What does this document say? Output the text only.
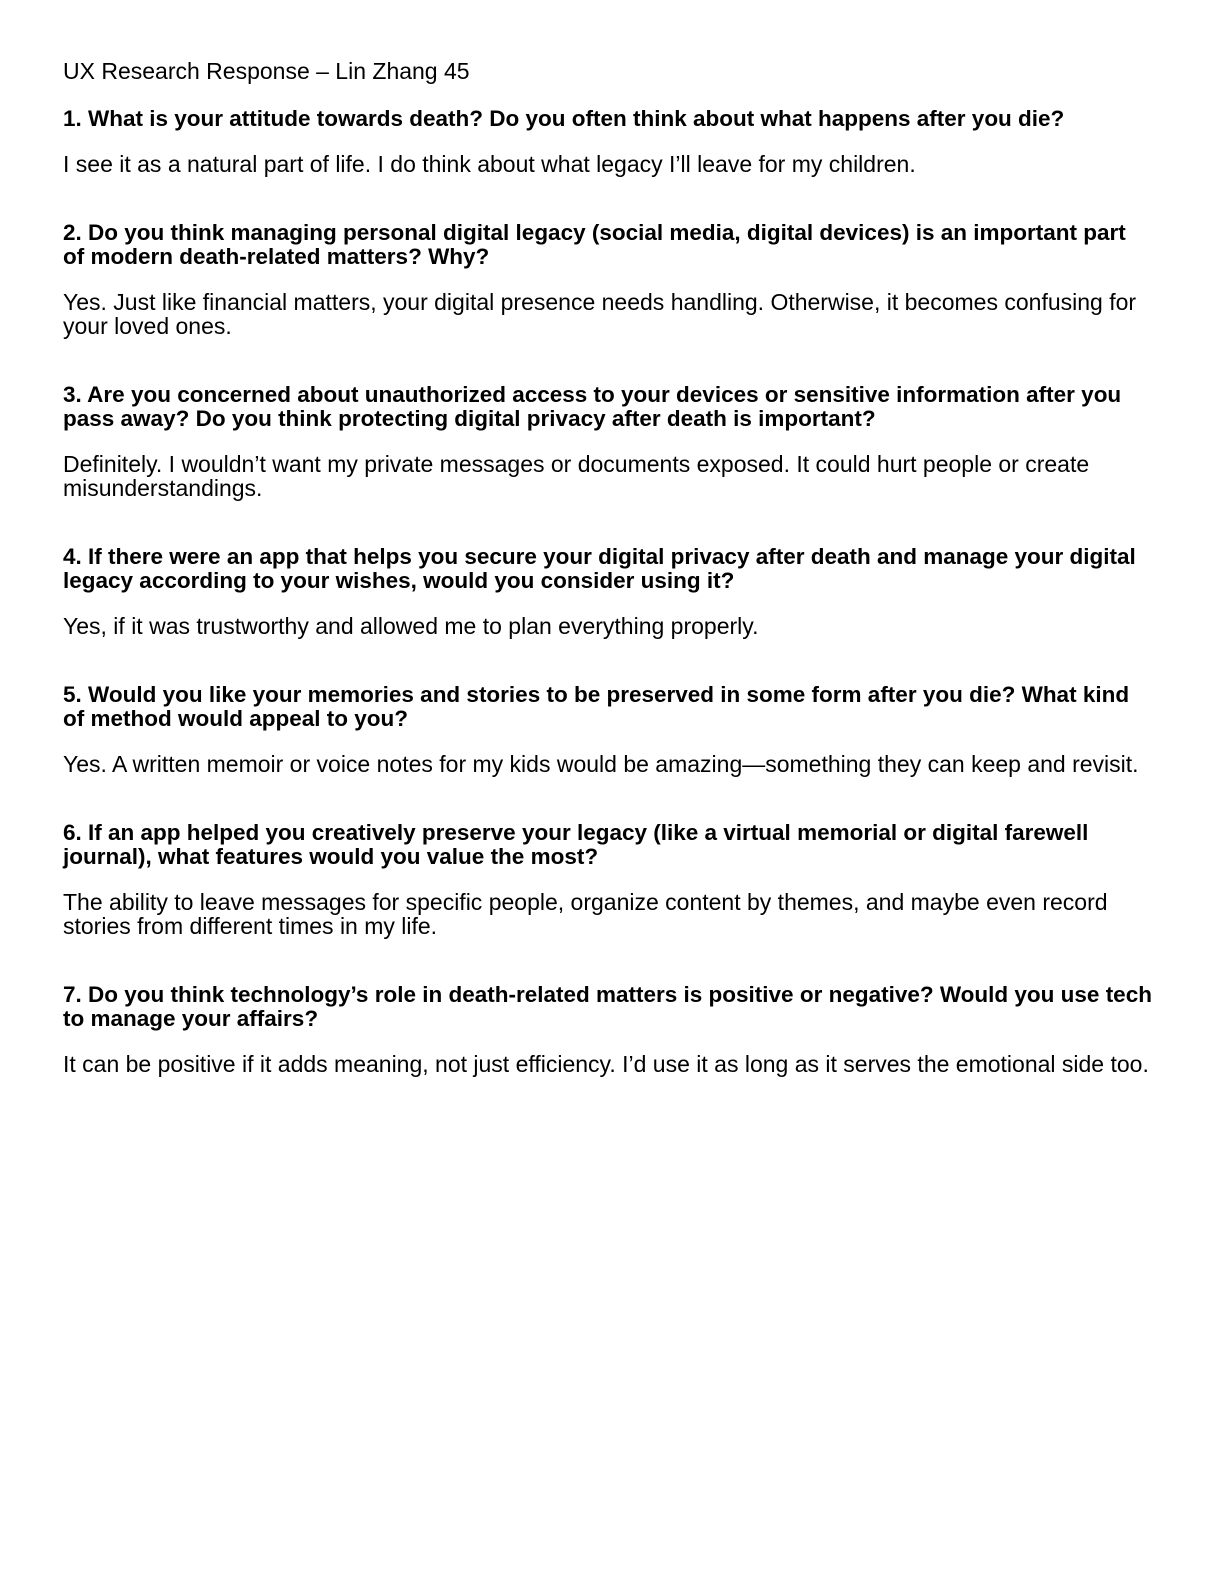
UX Research Response – Lin Zhang 45

1. What is your attitude towards death? Do you often think about what happens after you die?

I see it as a natural part of life. I do think about what legacy I’ll leave for my children.

2. Do you think managing personal digital legacy (social media, digital devices) is an important part of modern death-related matters? Why?

Yes. Just like financial matters, your digital presence needs handling. Otherwise, it becomes confusing for your loved ones.

3. Are you concerned about unauthorized access to your devices or sensitive information after you pass away? Do you think protecting digital privacy after death is important?

Definitely. I wouldn’t want my private messages or documents exposed. It could hurt people or create misunderstandings.

4. If there were an app that helps you secure your digital privacy after death and manage your digital legacy according to your wishes, would you consider using it?

Yes, if it was trustworthy and allowed me to plan everything properly.

5. Would you like your memories and stories to be preserved in some form after you die? What kind of method would appeal to you?

Yes. A written memoir or voice notes for my kids would be amazing—something they can keep and revisit.

6. If an app helped you creatively preserve your legacy (like a virtual memorial or digital farewell journal), what features would you value the most?

The ability to leave messages for specific people, organize content by themes, and maybe even record stories from different times in my life.

7. Do you think technology’s role in death-related matters is positive or negative? Would you use tech to manage your affairs?

It can be positive if it adds meaning, not just efficiency. I’d use it as long as it serves the emotional side too.
